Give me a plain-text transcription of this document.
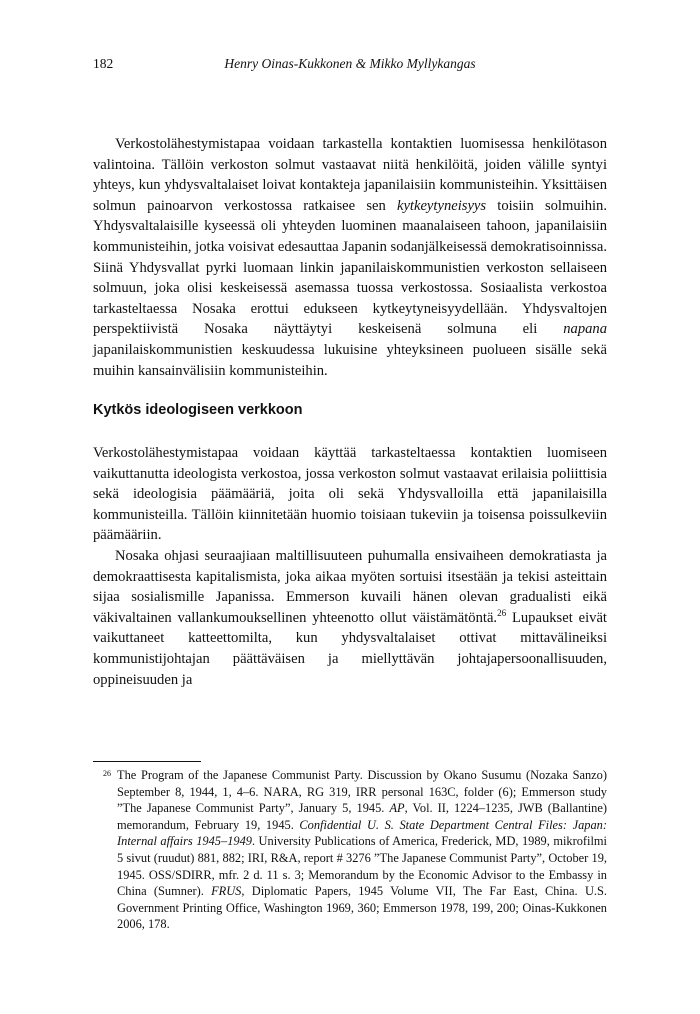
182	Henry Oinas-Kukkonen & Mikko Myllykangas

Verkostolähestymistapaa voidaan tarkastella kontaktien luomisessa henkilötason valintoina. Tällöin verkoston solmut vastaavat niitä henkilöitä, joiden välille syntyi yhteys, kun yhdysvaltalaiset loivat kontakteja japanilaisiin kommunisteihin. Yksittäisen solmun painoarvon verkostossa ratkaisee sen kytkeytyneisyys toisiin solmuihin. Yhdysvaltalaisille kyseessä oli yhteyden luominen maanalaiseen tahoon, japanilaisiin kommunisteihin, jotka voisivat edesauttaa Japanin sodanjälkeisessä demokratisoinnissa. Siinä Yhdysvallat pyrki luomaan linkin japanilaiskommunistien verkoston sellaiseen solmuun, joka olisi keskeisessä asemassa tuossa verkostossa. Sosiaalista verkostoa tarkasteltaessa Nosaka erottui edukseen kytkeytyneisyydellään. Yhdysvaltojen perspektiivistä Nosaka näyttäytyi keskeisenä solmuna eli napana japanilaiskommunistien keskuudessa lukuisine yhteyksineen puolueen sisälle sekä muihin kansainvälisiin kommunisteihin.

Kytkös ideologiseen verkkoon

Verkostolähestymistapaa voidaan käyttää tarkasteltaessa kontaktien luomiseen vaikuttanutta ideologista verkostoa, jossa verkoston solmut vastaavat erilaisia poliittisia sekä ideologisia päämääriä, joita oli sekä Yhdysvalloilla että japanilaisilla kommunisteilla. Tällöin kiinnitetään huomio toisiaan tukeviin ja toisensa poissulkeviin päämääriin.

Nosaka ohjasi seuraajiaan maltillisuuteen puhumalla ensivaiheen demokratiasta ja demokraattisesta kapitalismista, joka aikaa myöten sortuisi itsestään ja tekisi asteittain sijaa sosialismille Japanissa. Emmerson kuvaili hänen olevan gradualisti eikä väkivaltainen vallankumouksellinen yhteenotto ollut väistämätöntä.$^{26}$ Lupaukset eivät vaikuttaneet katteettomilta, kun yhdysvaltalaiset ottivat mittavälineiksi kommunistijohtajan päättäväisen ja miellyttävän johtajapersoonallisuuden, oppineisuuden ja

26 The Program of the Japanese Communist Party. Discussion by Okano Susumu (Nozaka Sanzo) September 8, 1944, 1, 4–6. NARA, RG 319, IRR personal 163C, folder (6); Emmerson study ”The Japanese Communist Party”, January 5, 1945. AP, Vol. II, 1224–1235, JWB (Ballantine) memorandum, February 19, 1945. Confidential U. S. State Department Central Files: Japan: Internal affairs 1945–1949. University Publications of America, Frederick, MD, 1989, mikrofilmi 5 sivut (ruudut) 881, 882; IRI, R&A, report # 3276 ”The Japanese Communist Party”, October 19, 1945. OSS/SDIRR, mfr. 2 d. 11 s. 3; Memorandum by the Economic Advisor to the Embassy in China (Sumner). FRUS, Diplomatic Papers, 1945 Volume VII, The Far East, China. U.S. Government Printing Office, Washington 1969, 360; Emmerson 1978, 199, 200; Oinas-Kukkonen 2006, 178.
